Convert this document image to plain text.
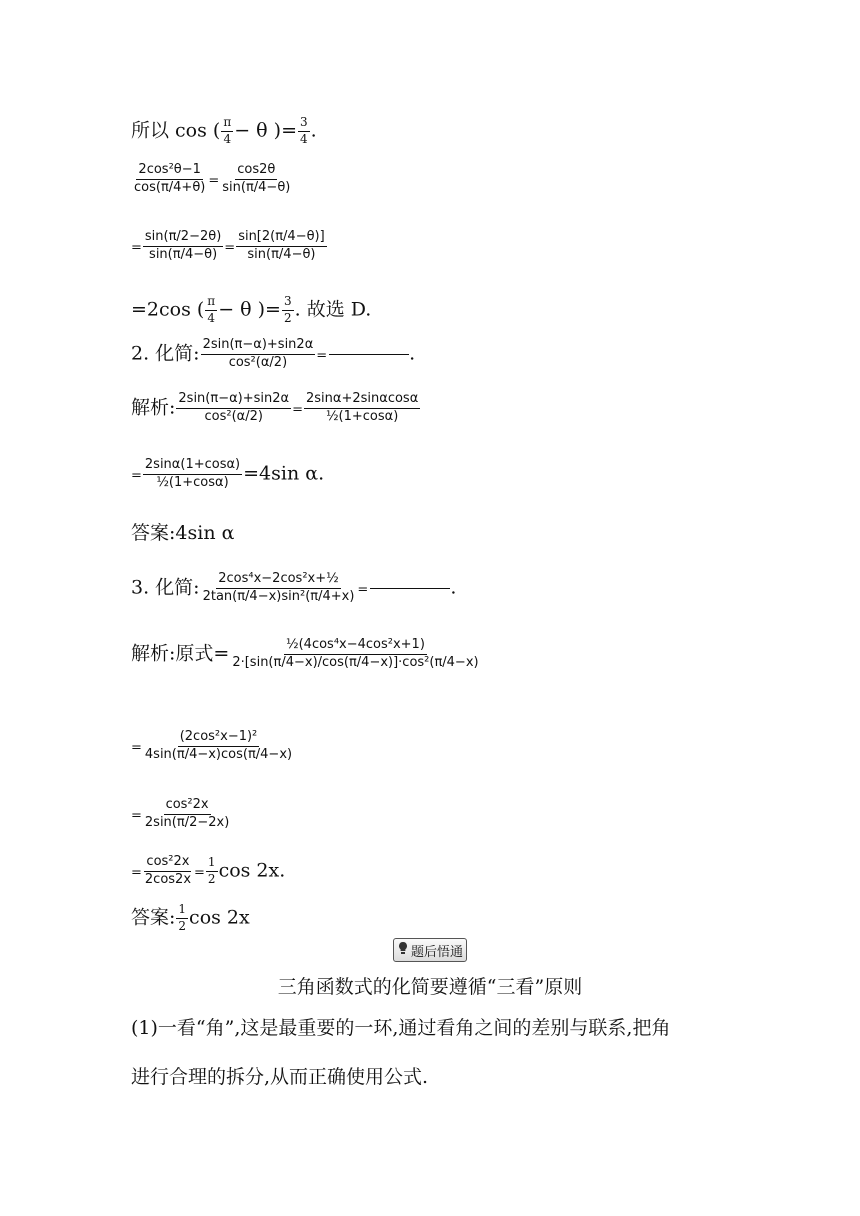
所以 cos ( $\frac{\pi}{4} - \theta$ )= $\frac{3}{4}$ .
$\frac{\text{2cos²θ−1}}{\cos(\pi/4+\theta)} = \frac{\cos 2\theta}{\sin(\pi/4-\theta)}$
= $\frac{\sin(\pi/2-2\theta)}{\sin(\pi/4-\theta)} = \frac{\sin[2(\pi/4-\theta)]}{\sin(\pi/4-\theta)}$
=2cos ( $\frac{\pi}{4} - \theta$ )= $\frac{3}{2}$ . 故选 D.
2. 化简: $\frac{2\sin(\pi-\alpha)+\sin 2\alpha}{\text{cos²(α/2)}}$ =	.
解析: $\frac{2\sin(\pi-\alpha)+\sin 2\alpha}{\text{cos²(α/2)}} = \frac{2\sin\alpha+2\sin\alpha\cos\alpha}{\text{½(1+cosα)}}$
= $\frac{2\sin\alpha(1+\cos\alpha)}{\text{½(1+cosα)}} =4\sin$ α.
答案:4sin α
3. 化简: $\frac{\text{2cos⁴x−2cos²x+½}}{\text{2tan(π/4−x)sin²(π/4+x)}}$ =	.
解析:原式= $\frac{\text{½(4cos⁴x−4cos²x+1)}}{\text{2·[sin(π/4−x)/cos(π/4−x)]·cos²(π/4−x)}}$
= $\frac{\text{(2cos²x−1)²}}{4\sin(\pi/4-x)\cos(\pi/4-x)}$
= $\frac{\text{cos²2x}}{2\sin(\pi/2-2x)}$
= $\frac{\text{cos²2x}}{2\cos 2x} = \frac{1}{2}$ cos 2x.
答案: $\frac{1}{2}$ cos 2x
题后悟通
三角函数式的化简要遵循“三看”原则
(1)一看“角”,这是最重要的一环,通过看角之间的差别与联系,把角
进行合理的拆分,从而正确使用公式.
